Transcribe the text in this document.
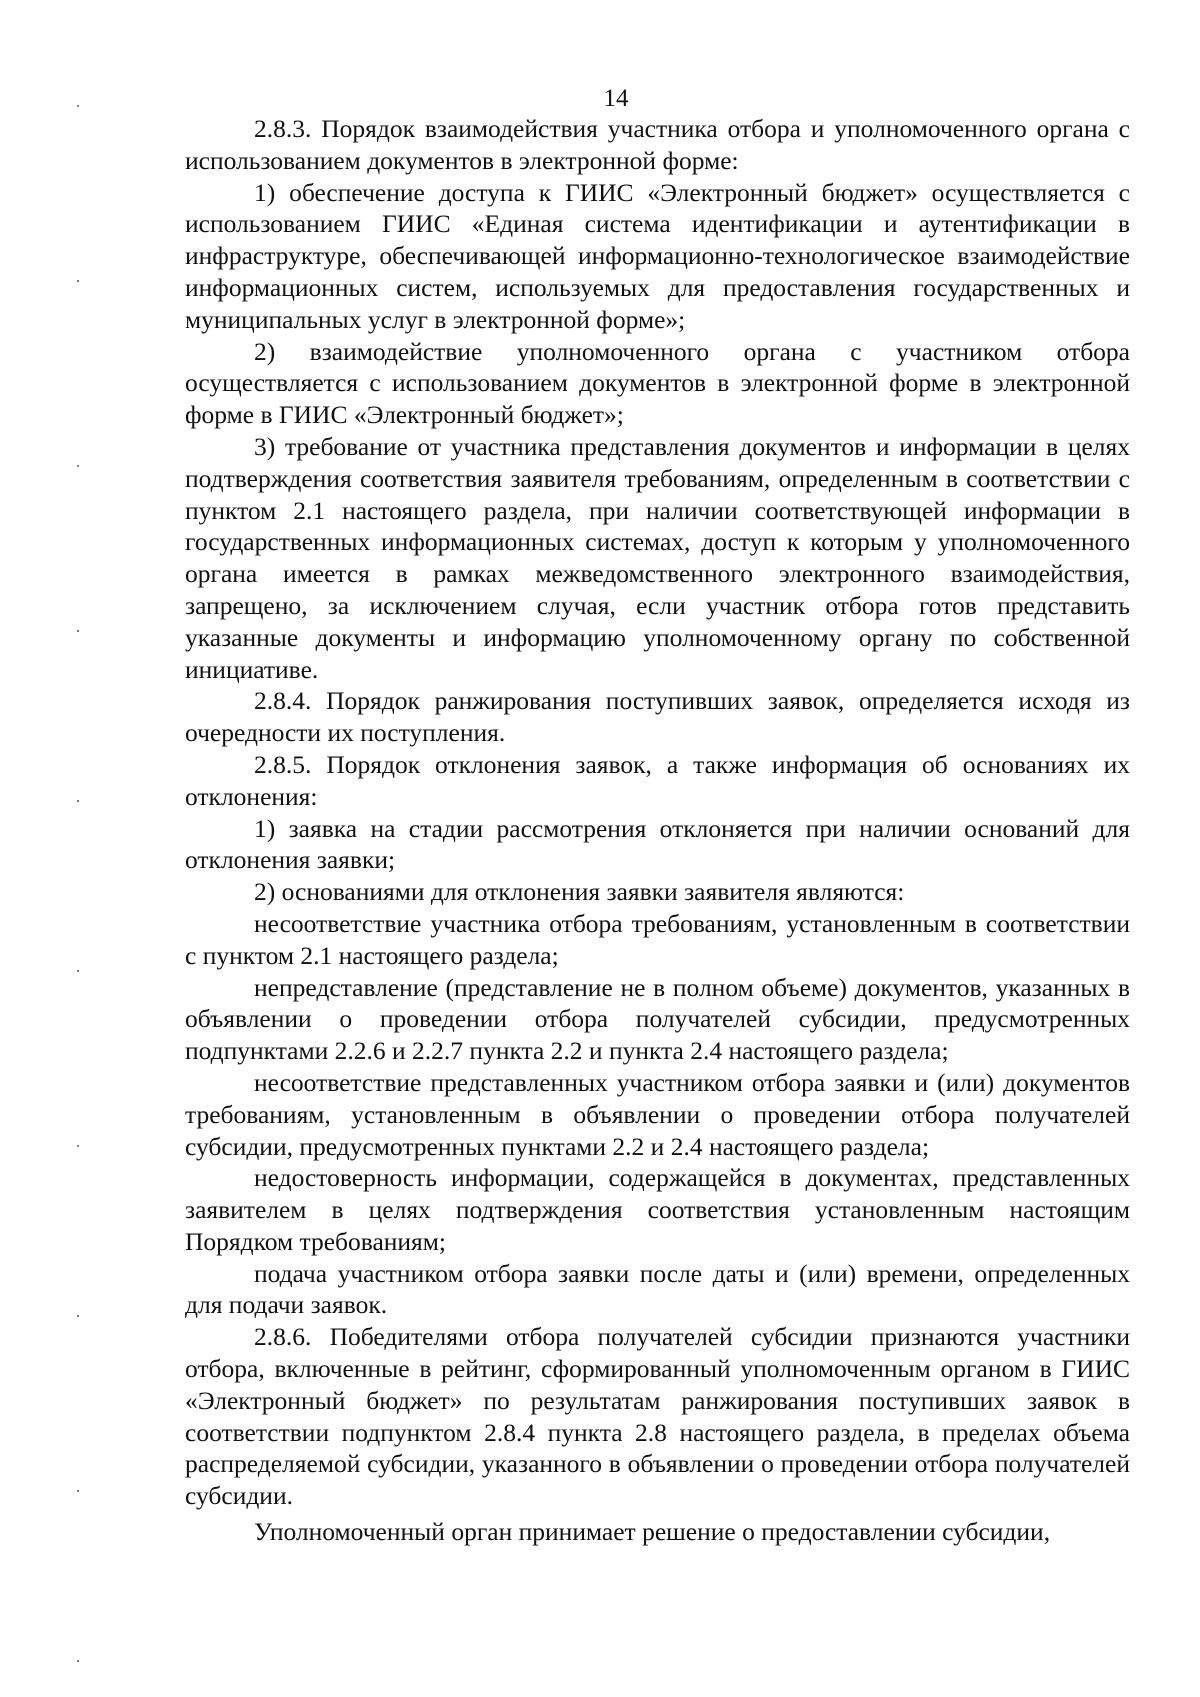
14

2.8.3. Порядок взаимодействия участника отбора и уполномоченного органа с использованием документов в электронной форме:

1) обеспечение доступа к ГИИС «Электронный бюджет» осуществляется с использованием ГИИС «Единая система идентификации и аутентификации в инфраструктуре, обеспечивающей информационно-технологическое взаимодействие информационных систем, используемых для предоставления государственных и муниципальных услуг в электронной форме»;

2) взаимодействие уполномоченного органа с участником отбора осуществляется с использованием документов в электронной форме в электронной форме в ГИИС «Электронный бюджет»;

3) требование от участника представления документов и информации в целях подтверждения соответствия заявителя требованиям, определенным в соответствии с пунктом 2.1 настоящего раздела, при наличии соответствующей информации в государственных информационных системах, доступ к которым у уполномоченного органа имеется в рамках межведомственного электронного взаимодействия, запрещено, за исключением случая, если участник отбора готов представить указанные документы и информацию уполномоченному органу по собственной инициативе.

2.8.4. Порядок ранжирования поступивших заявок, определяется исходя из очередности их поступления.

2.8.5. Порядок отклонения заявок, а также информация об основаниях их отклонения:

1) заявка на стадии рассмотрения отклоняется при наличии оснований для отклонения заявки;

2) основаниями для отклонения заявки заявителя являются:

несоответствие участника отбора требованиям, установленным в соответствии с пунктом 2.1 настоящего раздела;

непредставление (представление не в полном объеме) документов, указанных в объявлении о проведении отбора получателей субсидии, предусмотренных подпунктами 2.2.6 и 2.2.7 пункта 2.2 и пункта 2.4 настоящего раздела;

несоответствие представленных участником отбора заявки и (или) документов требованиям, установленным в объявлении о проведении отбора получателей субсидии, предусмотренных пунктами 2.2 и 2.4 настоящего раздела;

недостоверность информации, содержащейся в документах, представленных заявителем в целях подтверждения соответствия установленным настоящим Порядком требованиям;

подача участником отбора заявки после даты и (или) времени, определенных для подачи заявок.

2.8.6. Победителями отбора получателей субсидии признаются участники отбора, включенные в рейтинг, сформированный уполномоченным органом в ГИИС «Электронный бюджет» по результатам ранжирования поступивших заявок в соответствии подпунктом 2.8.4 пункта 2.8 настоящего раздела, в пределах объема распределяемой субсидии, указанного в объявлении о проведении отбора получателей субсидии.

Уполномоченный орган принимает решение о предоставлении субсидии,
